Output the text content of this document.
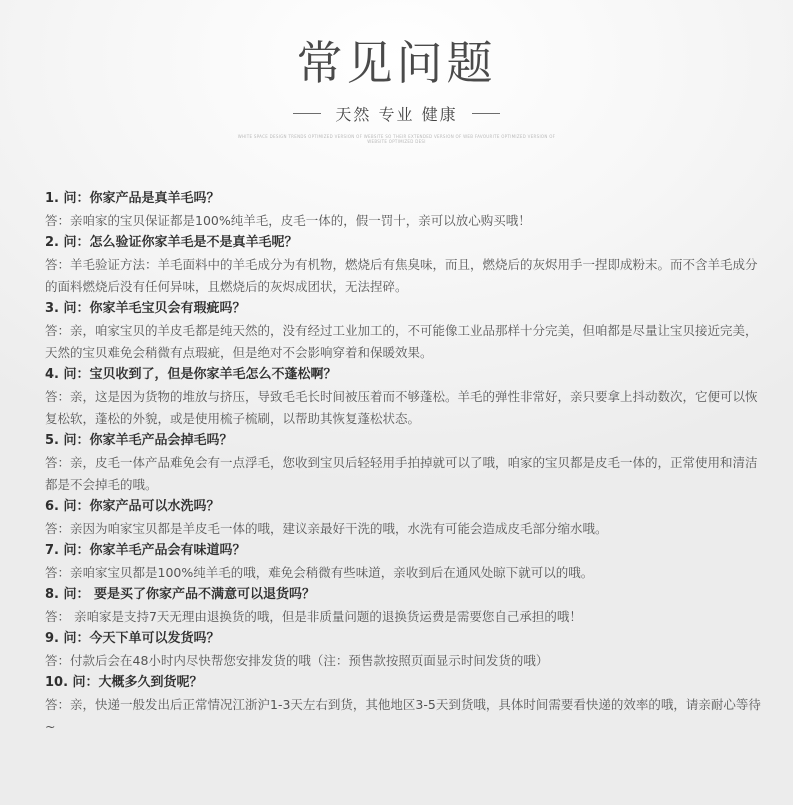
常见问题
天然 专业 健康
WHITE SPACE DESIGN TRENDS OPTIMIZED VERSION OF WEBSITE SO THEIR EXTENDED VERSION OF WEB FAVOURITE OPTIMIZED VERSION OF WEBSITE OPTIMIZED DESI
1. 问：你家产品是真羊毛吗？

答：亲咱家的宝贝保证都是100%纯羊毛，皮毛一体的，假一罚十，亲可以放心购买哦！

2. 问：怎么验证你家羊毛是不是真羊毛呢？

答：羊毛验证方法：羊毛面料中的羊毛成分为有机物，燃烧后有焦臭味，而且，燃烧后的灰烬用手一捏即成粉末。而不含羊毛成分的面料燃烧后没有任何异味，且燃烧后的灰烬成团状，无法捏碎。

3. 问：你家羊毛宝贝会有瑕疵吗？

答：亲，咱家宝贝的羊皮毛都是纯天然的，没有经过工业加工的，不可能像工业品那样十分完美，但咱都是尽量让宝贝接近完美，天然的宝贝难免会稍微有点瑕疵，但是绝对不会影响穿着和保暖效果。

4. 问：宝贝收到了，但是你家羊毛怎么不蓬松啊？

答：亲，这是因为货物的堆放与挤压，导致毛毛长时间被压着而不够蓬松。羊毛的弹性非常好，亲只要拿上抖动数次，它便可以恢复松软，蓬松的外貌，或是使用梳子梳刷，以帮助其恢复蓬松状态。

5. 问：你家羊毛产品会掉毛吗？

答：亲，皮毛一体产品难免会有一点浮毛，您收到宝贝后轻轻用手拍掉就可以了哦，咱家的宝贝都是皮毛一体的，正常使用和清洁都是不会掉毛的哦。

6. 问：你家产品可以水洗吗？

答：亲因为咱家宝贝都是羊皮毛一体的哦，建议亲最好干洗的哦，水洗有可能会造成皮毛部分缩水哦。

7. 问：你家羊毛产品会有味道吗？

答：亲咱家宝贝都是100%纯羊毛的哦，难免会稍微有些味道，亲收到后在通风处晾下就可以的哦。

8. 问： 要是买了你家产品不满意可以退货吗？

答： 亲咱家是支持7天无理由退换货的哦，但是非质量问题的退换货运费是需要您自己承担的哦！

9. 问：今天下单可以发货吗？

答：付款后会在48小时内尽快帮您安排发货的哦（注：预售款按照页面显示时间发货的哦）

10. 问：大概多久到货呢？

答：亲，快递一般发出后正常情况江浙沪1-3天左右到货，其他地区3-5天到货哦，具体时间需要看快递的效率的哦，请亲耐心等待~
